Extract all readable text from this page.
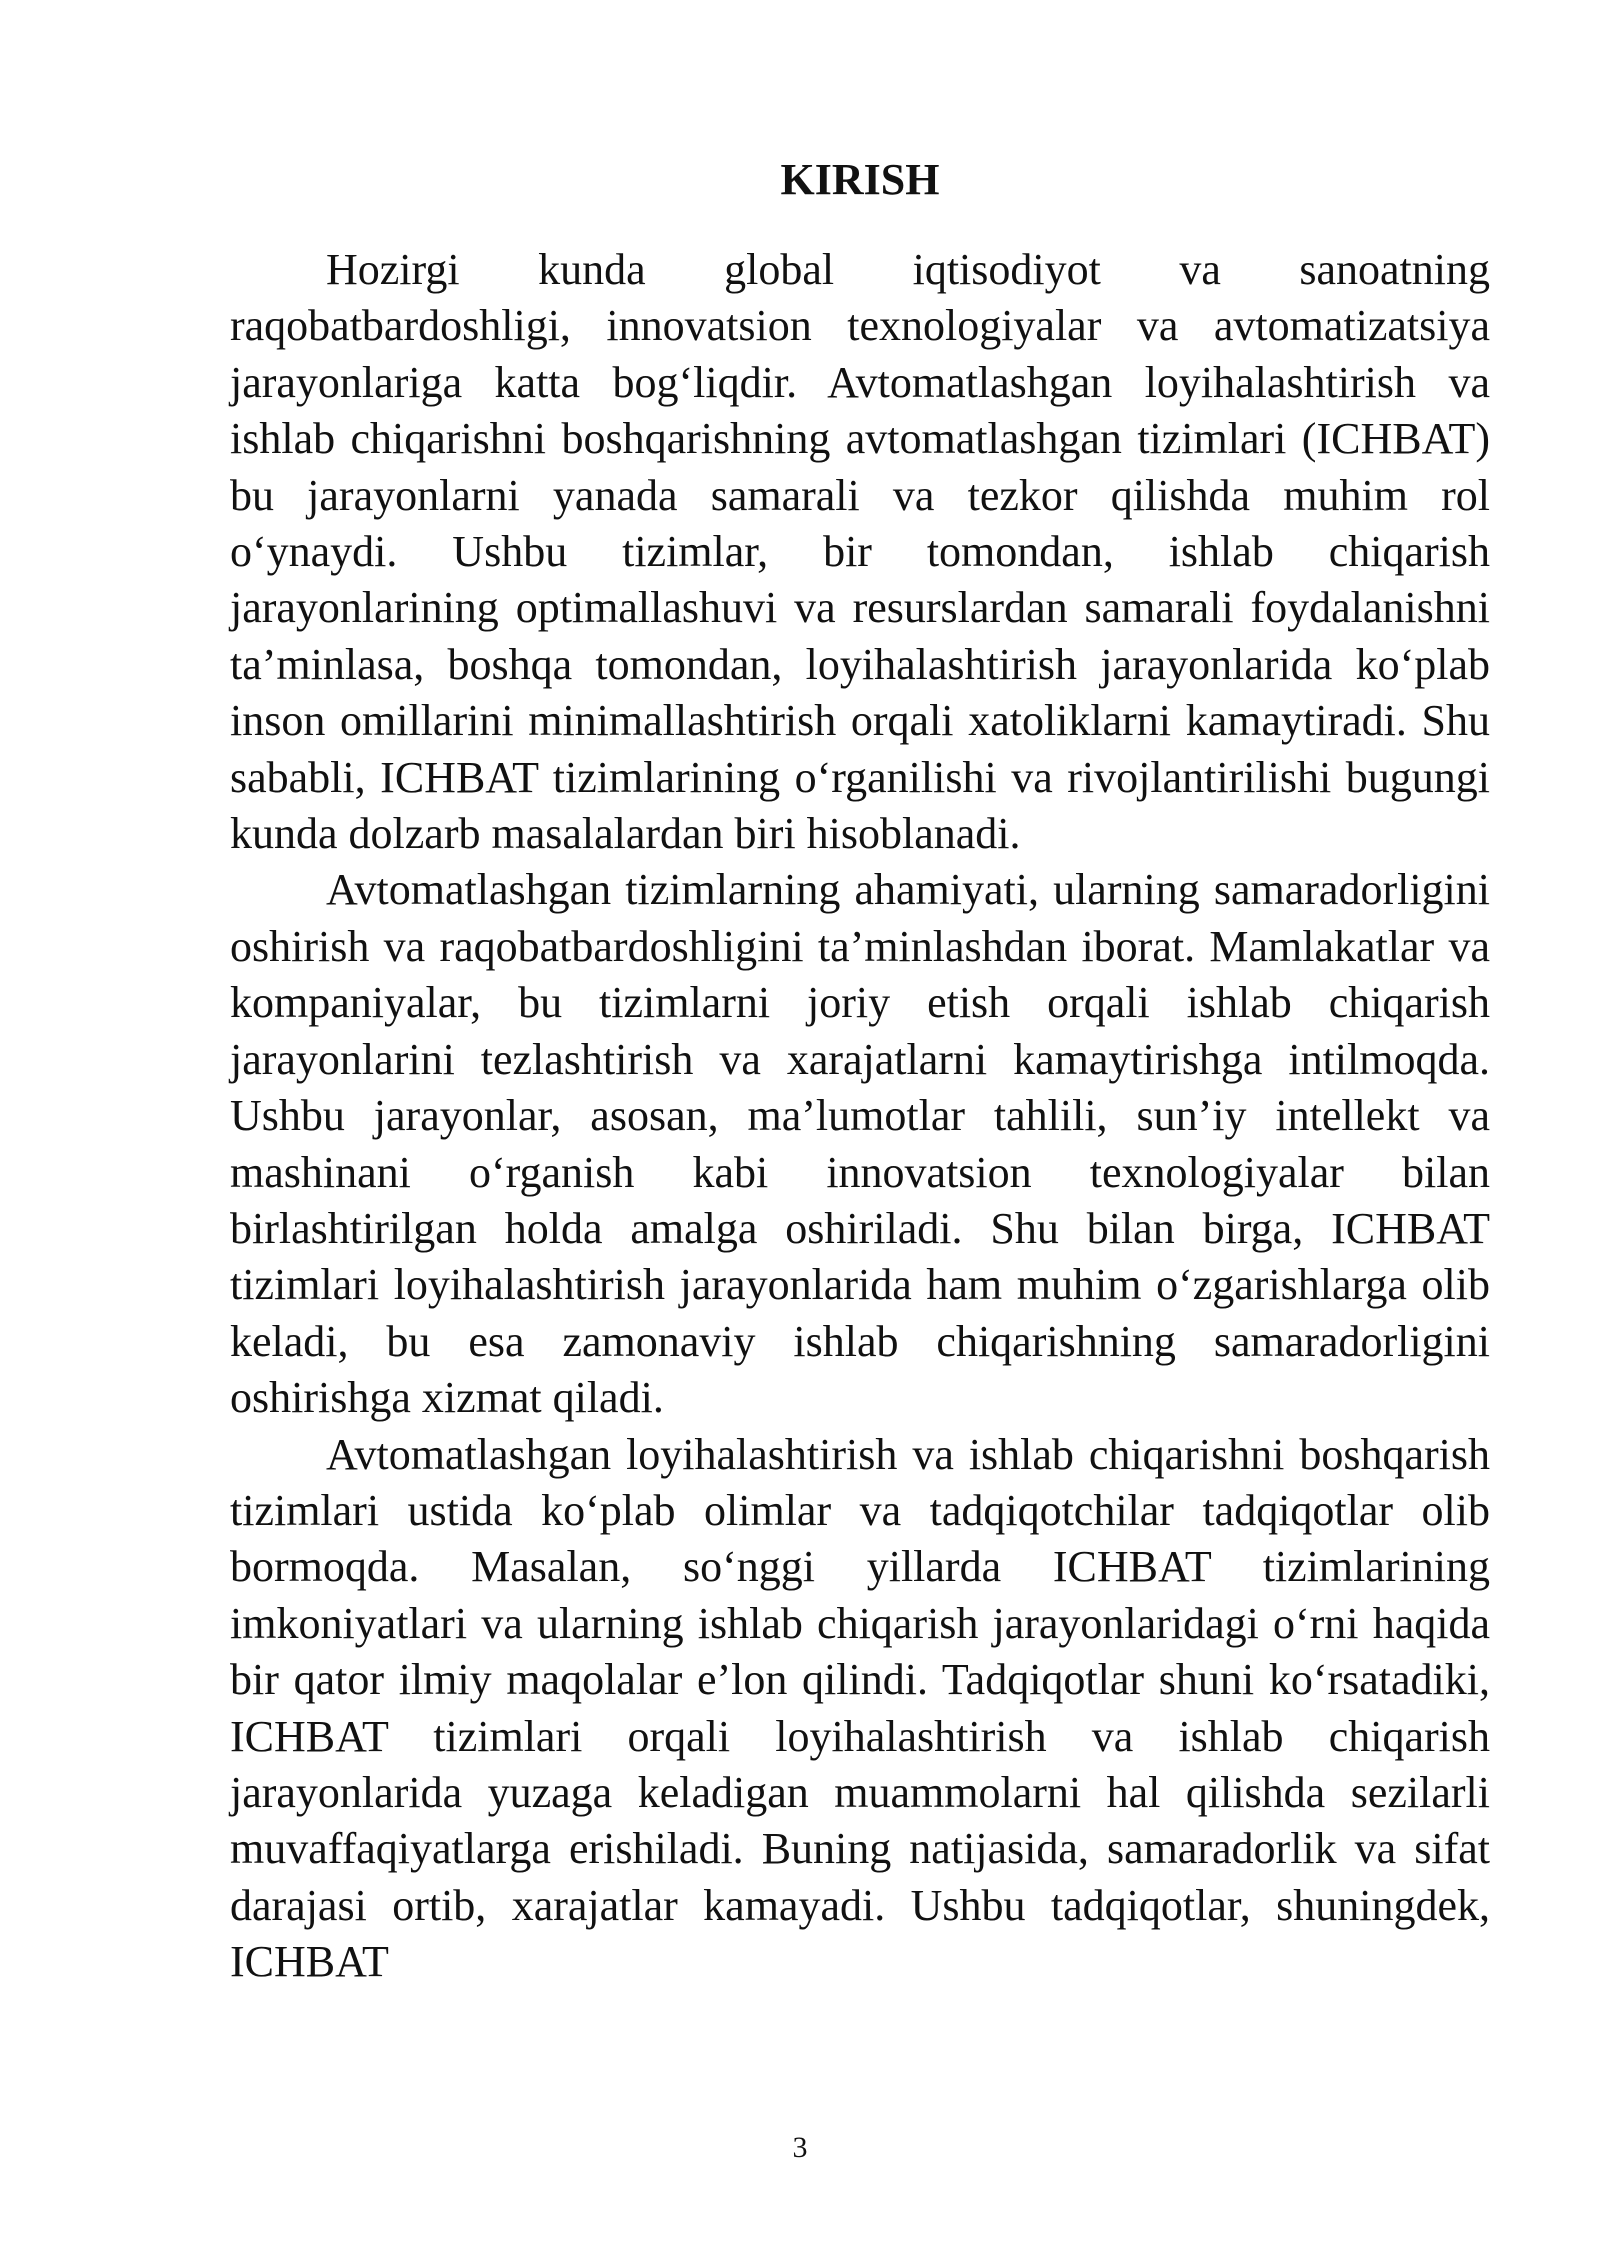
KIRISH

Hozirgi kunda global iqtisodiyot va sanoatning raqobatbardoshligi, innovatsion texnologiyalar va avtomatizatsiya jarayonlariga katta bog‘liqdir. Avtomatlashgan loyihalashtirish va ishlab chiqarishni boshqarishning avtomatlashgan tizimlari (ICHBAT) bu jarayonlarni yanada samarali va tezkor qilishda muhim rol o‘ynaydi. Ushbu tizimlar, bir tomondan, ishlab chiqarish jarayonlarining optimallashuvi va resurslardan samarali foydalanishni ta’minlasa, boshqa tomondan, loyihalashtirish jarayonlarida ko‘plab inson omillarini minimallashtirish orqali xatoliklarni kamaytiradi. Shu sababli, ICHBAT tizimlarining o‘rganilishi va rivojlantirilishi bugungi kunda dolzarb masalalardan biri hisoblanadi.

Avtomatlashgan tizimlarning ahamiyati, ularning samaradorligini oshirish va raqobatbardoshligini ta’minlashdan iborat. Mamlakatlar va kompaniyalar, bu tizimlarni joriy etish orqali ishlab chiqarish jarayonlarini tezlashtirish va xarajatlarni kamaytirishga intilmoqda. Ushbu jarayonlar, asosan, ma’lumotlar tahlili, sun’iy intellekt va mashinani o‘rganish kabi innovatsion texnologiyalar bilan birlashtirilgan holda amalga oshiriladi. Shu bilan birga, ICHBAT tizimlari loyihalashtirish jarayonlarida ham muhim o‘zgarishlarga olib keladi, bu esa zamonaviy ishlab chiqarishning samaradorligini oshirishga xizmat qiladi.

Avtomatlashgan loyihalashtirish va ishlab chiqarishni boshqarish tizimlari ustida ko‘plab olimlar va tadqiqotchilar tadqiqotlar olib bormoqda. Masalan, so‘nggi yillarda ICHBAT tizimlarining imkoniyatlari va ularning ishlab chiqarish jarayonlaridagi o‘rni haqida bir qator ilmiy maqolalar e’lon qilindi. Tadqiqotlar shuni ko‘rsatadiki, ICHBAT tizimlari orqali loyihalashtirish va ishlab chiqarish jarayonlarida yuzaga keladigan muammolarni hal qilishda sezilarli muvaffaqiyatlarga erishiladi. Buning natijasida, samaradorlik va sifat darajasi ortib, xarajatlar kamayadi. Ushbu tadqiqotlar, shuningdek, ICHBAT

3
